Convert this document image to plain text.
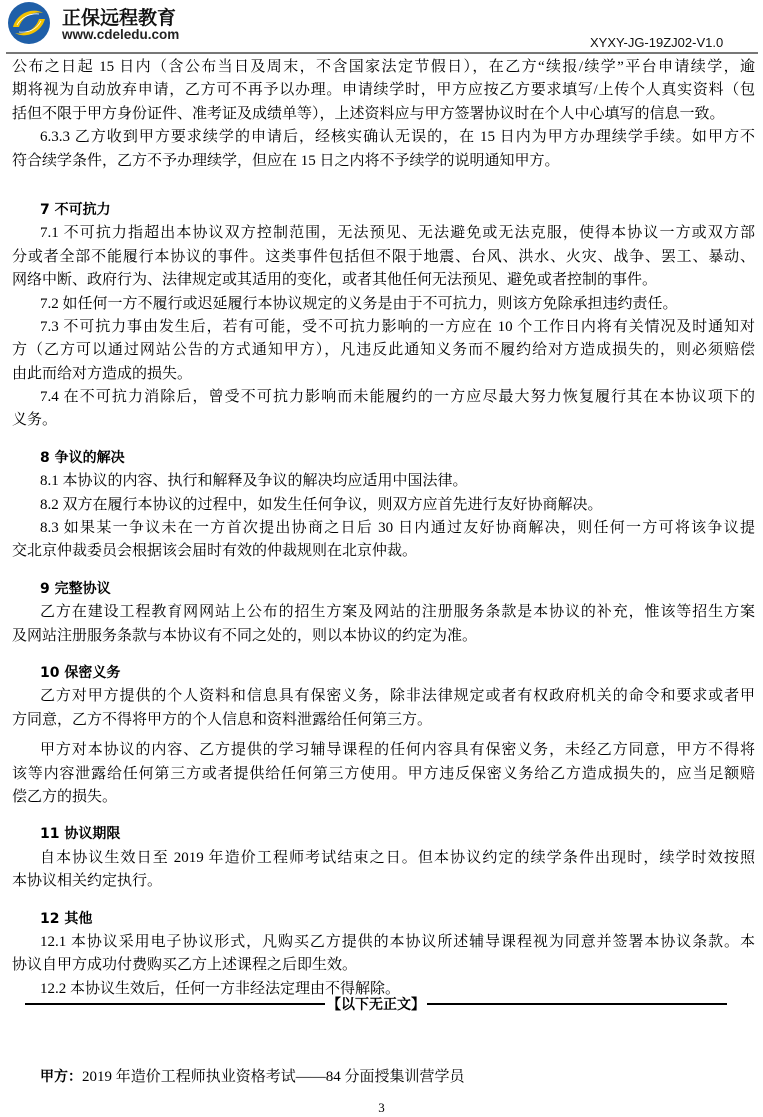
正保远程教育
www.cdeledu.com
XYXY-JG-19ZJ02-V1.0
公布之日起 15 日内（含公布当日及周末，不含国家法定节假日），在乙方“续报/续学”平台申请续学，逾
期将视为自动放弃申请，乙方可不再予以办理。申请续学时，甲方应按乙方要求填写/上传个人真实资料（包
括但不限于甲方身份证件、准考证及成绩单等），上述资料应与甲方签署协议时在个人中心填写的信息一致。
6.3.3 乙方收到甲方要求续学的申请后，经核实确认无误的，在 15 日内为甲方办理续学手续。如甲方不
符合续学条件，乙方不予办理续学，但应在 15 日之内将不予续学的说明通知甲方。
7 不可抗力
7.1 不可抗力指超出本协议双方控制范围，无法预见、无法避免或无法克服，使得本协议一方或双方部
分或者全部不能履行本协议的事件。这类事件包括但不限于地震、台风、洪水、火灾、战争、罢工、暴动、
网络中断、政府行为、法律规定或其适用的变化，或者其他任何无法预见、避免或者控制的事件。
7.2 如任何一方不履行或迟延履行本协议规定的义务是由于不可抗力，则该方免除承担违约责任。
7.3 不可抗力事由发生后，若有可能，受不可抗力影响的一方应在 10 个工作日内将有关情况及时通知对
方（乙方可以通过网站公告的方式通知甲方），凡违反此通知义务而不履约给对方造成损失的，则必须赔偿
由此而给对方造成的损失。
7.4 在不可抗力消除后，曾受不可抗力影响而未能履约的一方应尽最大努力恢复履行其在本协议项下的
义务。
8 争议的解决
8.1 本协议的内容、执行和解释及争议的解决均应适用中国法律。
8.2 双方在履行本协议的过程中，如发生任何争议，则双方应首先进行友好协商解决。
8.3 如果某一争议未在一方首次提出协商之日后 30 日内通过友好协商解决，则任何一方可将该争议提
交北京仲裁委员会根据该会届时有效的仲裁规则在北京仲裁。
9 完整协议
乙方在建设工程教育网网站上公布的招生方案及网站的注册服务条款是本协议的补充，惟该等招生方案
及网站注册服务条款与本协议有不同之处的，则以本协议的约定为准。
10 保密义务
乙方对甲方提供的个人资料和信息具有保密义务，除非法律规定或者有权政府机关的命令和要求或者甲
方同意，乙方不得将甲方的个人信息和资料泄露给任何第三方。
甲方对本协议的内容、乙方提供的学习辅导课程的任何内容具有保密义务，未经乙方同意，甲方不得将
该等内容泄露给任何第三方或者提供给任何第三方使用。甲方违反保密义务给乙方造成损失的，应当足额赔
偿乙方的损失。
11 协议期限
自本协议生效日至 2019 年造价工程师考试结束之日。但本协议约定的续学条件出现时，续学时效按照
本协议相关约定执行。
12 其他
12.1 本协议采用电子协议形式，凡购买乙方提供的本协议所述辅导课程视为同意并签署本协议条款。本
协议自甲方成功付费购买乙方上述课程之后即生效。
12.2 本协议生效后，任何一方非经法定理由不得解除。
【以下无正文】
甲方：2019 年造价工程师执业资格考试——84 分面授集训营学员
3
